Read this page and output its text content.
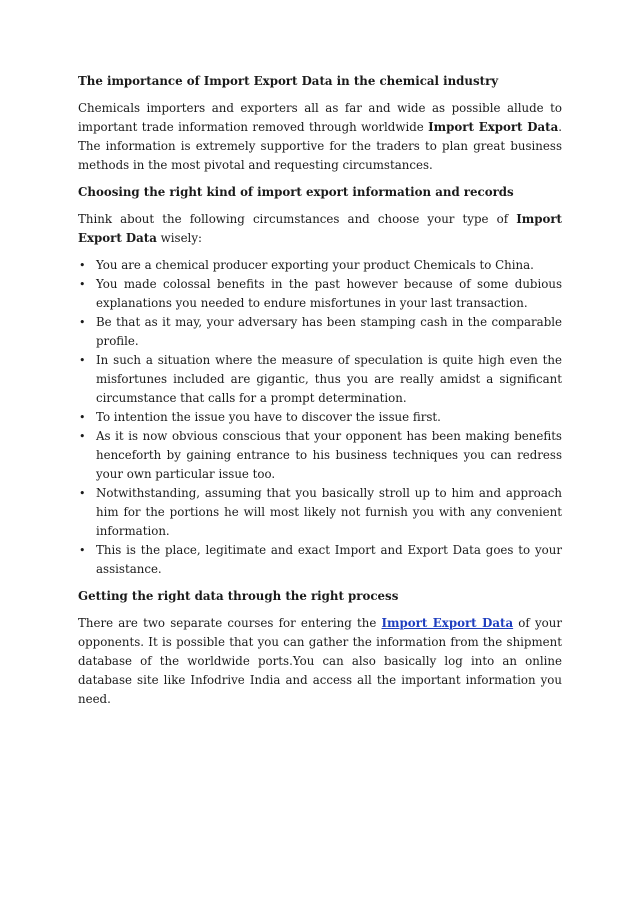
The importance of Import Export Data in the chemical industry

Chemicals importers and exporters all as far and wide as possible allude to important trade information removed through worldwide Import Export Data. The information is extremely supportive for the traders to plan great business methods in the most pivotal and requesting circumstances.

Choosing the right kind of import export information and records

Think about the following circumstances and choose your type of Import Export Data wisely:

• You are a chemical producer exporting your product Chemicals to China.
• You made colossal benefits in the past however because of some dubious explanations you needed to endure misfortunes in your last transaction.
• Be that as it may, your adversary has been stamping cash in the comparable profile.
• In such a situation where the measure of speculation is quite high even the misfortunes included are gigantic, thus you are really amidst a significant circumstance that calls for a prompt determination.
• To intention the issue you have to discover the issue first.
• As it is now obvious conscious that your opponent has been making benefits henceforth by gaining entrance to his business techniques you can redress your own particular issue too.
• Notwithstanding, assuming that you basically stroll up to him and approach him for the portions he will most likely not furnish you with any convenient information.
• This is the place, legitimate and exact Import and Export Data goes to your assistance.
Getting the right data through the right process

There are two separate courses for entering the Import Export Data of your opponents. It is possible that you can gather the information from the shipment database of the worldwide ports.You can also basically log into an online database site like Infodrive India and access all the important information you need.
